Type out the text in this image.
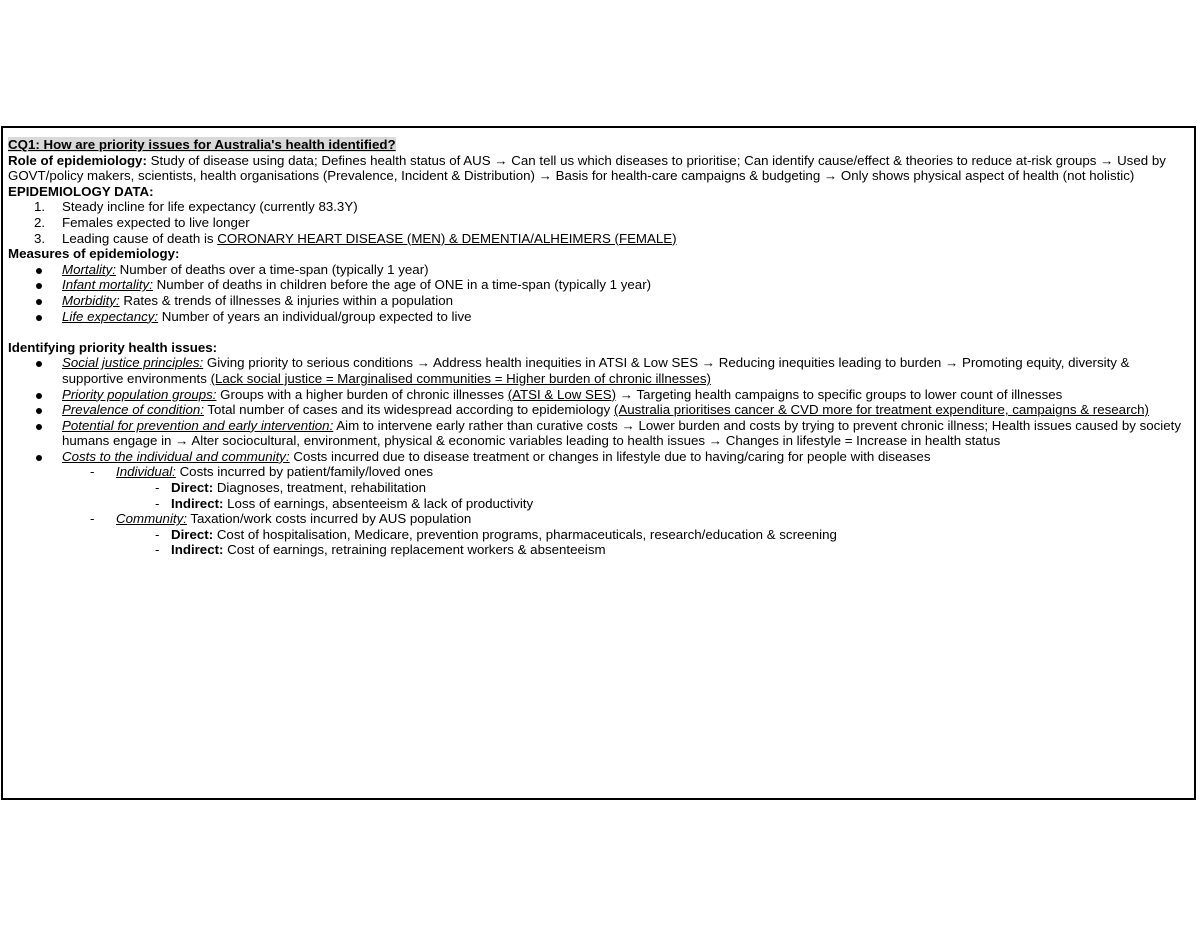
CQ1: How are priority issues for Australia's health identified?
Role of epidemiology: Study of disease using data; Defines health status of AUS → Can tell us which diseases to prioritise; Can identify cause/effect & theories to reduce at-risk groups → Used by GOVT/policy makers, scientists, health organisations (Prevalence, Incident & Distribution) → Basis for health-care campaigns & budgeting → Only shows physical aspect of health (not holistic)
EPIDEMIOLOGY DATA:
1. Steady incline for life expectancy (currently 83.3Y)
2. Females expected to live longer
3. Leading cause of death is CORONARY HEART DISEASE (MEN) & DEMENTIA/ALHEIMERS (FEMALE)
Measures of epidemiology:
Mortality: Number of deaths over a time-span (typically 1 year)
Infant mortality: Number of deaths in children before the age of ONE in a time-span (typically 1 year)
Morbidity: Rates & trends of illnesses & injuries within a population
Life expectancy: Number of years an individual/group expected to live
Identifying priority health issues:
Social justice principles: Giving priority to serious conditions → Address health inequities in ATSI & Low SES → Reducing inequities leading to burden → Promoting equity, diversity & supportive environments (Lack social justice = Marginalised communities = Higher burden of chronic illnesses)
Priority population groups: Groups with a higher burden of chronic illnesses (ATSI & Low SES) → Targeting health campaigns to specific groups to lower count of illnesses
Prevalence of condition: Total number of cases and its widespread according to epidemiology (Australia prioritises cancer & CVD more for treatment expenditure, campaigns & research)
Potential for prevention and early intervention: Aim to intervene early rather than curative costs → Lower burden and costs by trying to prevent chronic illness; Health issues caused by society humans engage in → Alter sociocultural, environment, physical & economic variables leading to health issues → Changes in lifestyle = Increase in health status
Costs to the individual and community: Costs incurred due to disease treatment or changes in lifestyle due to having/caring for people with diseases
- Individual: Costs incurred by patient/family/loved ones
- Direct: Diagnoses, treatment, rehabilitation
- Indirect: Loss of earnings, absenteeism & lack of productivity
- Community: Taxation/work costs incurred by AUS population
- Direct: Cost of hospitalisation, Medicare, prevention programs, pharmaceuticals, research/education & screening
- Indirect: Cost of earnings, retraining replacement workers & absenteeism
